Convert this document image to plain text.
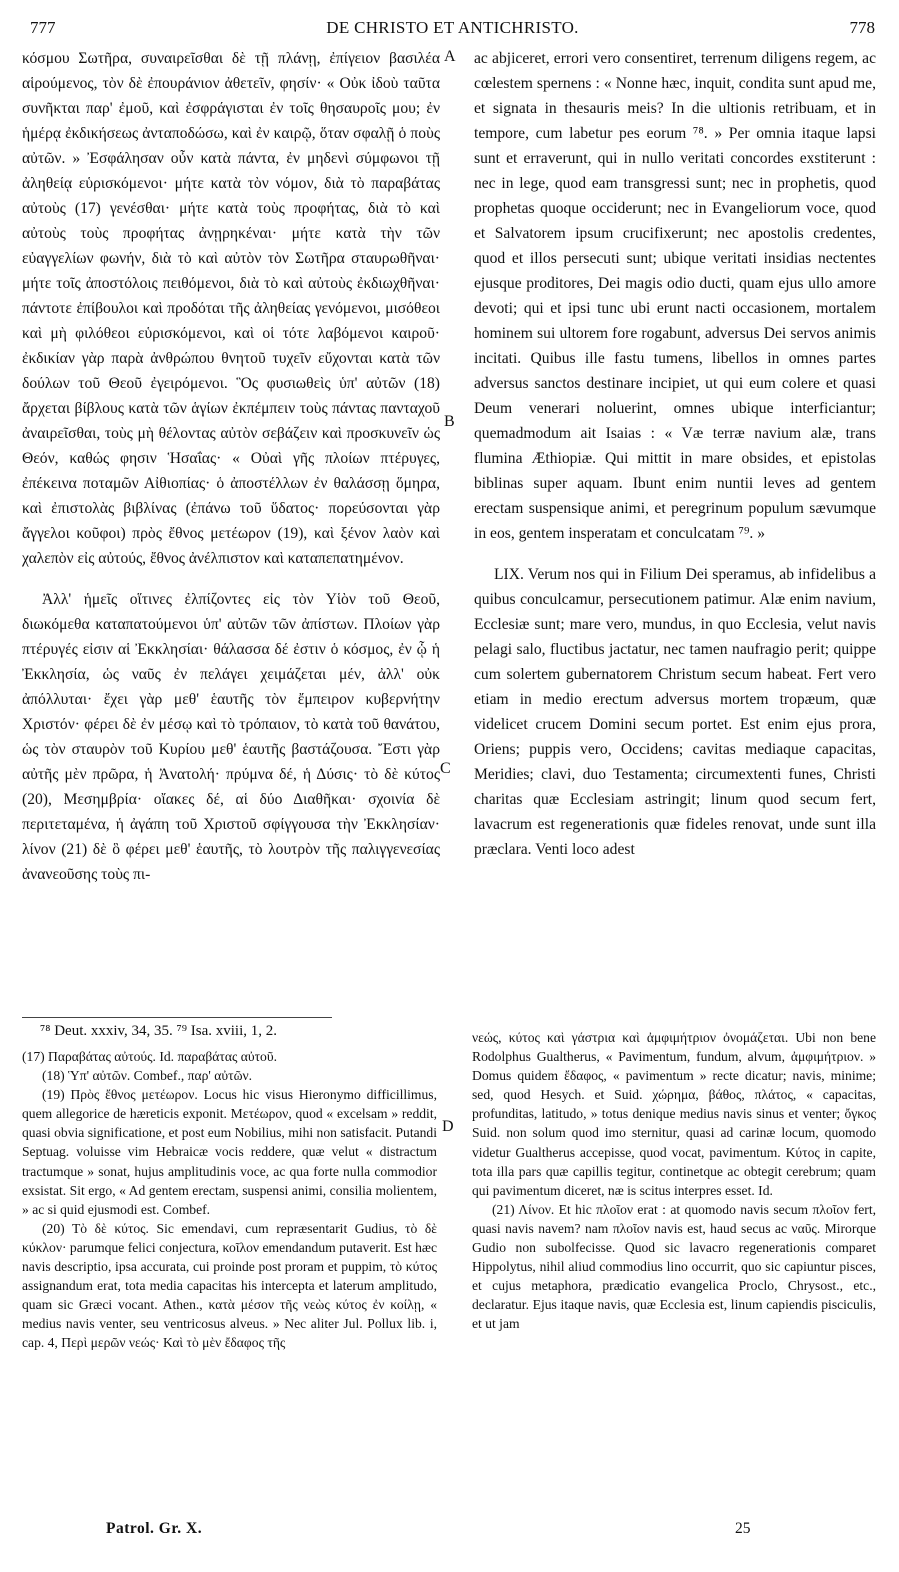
777	DE CHRISTO ET ANTICHRISTO.	778

κόσμου Σωτῆρα, συναιρεῖσθαι δὲ τῇ πλάνῃ, ἐπίγειον βασιλέα αἱρούμενος, τὸν δὲ ἐπουράνιον ἀθετεῖν, φησίν· « Οὐκ ἰδοὺ ταῦτα συνῆκται παρ' ἐμοῦ, καὶ ἐσφράγισται ἐν τοῖς θησαυροῖς μου; ἐν ἡμέρᾳ ἐκδικήσεως ἀνταποδώσω, καὶ ἐν καιρῷ, ὅταν σφαλῇ ὁ ποὺς αὐτῶν. » Ἐσφάλησαν οὖν κατὰ πάντα, ἐν μηδενὶ σύμφωνοι τῇ ἀληθείᾳ εὑρισκόμενοι· μήτε κατὰ τὸν νόμον, διὰ τὸ παραβάτας αὐτοὺς (17) γενέσθαι· μήτε κατὰ τοὺς προφήτας, διὰ τὸ καὶ αὐτοὺς τοὺς προφήτας ἀνῃρηκέναι· μήτε κατὰ τὴν τῶν εὐαγγελίων φωνήν, διὰ τὸ καὶ αὐτὸν τὸν Σωτῆρα σταυρωθῆναι· μήτε τοῖς ἀποστόλοις πειθόμενοι, διὰ τὸ καὶ αὐτοὺς ἐκδιωχθῆναι· πάντοτε ἐπίβουλοι καὶ προδόται τῆς ἀληθείας γενόμενοι, μισόθεοι καὶ μὴ φιλόθεοι εὑρισκόμενοι, καὶ οἱ τότε λαβόμενοι καιροῦ· ἐκδικίαν γὰρ παρὰ ἀνθρώπου θνητοῦ τυχεῖν εὔχονται κατὰ τῶν δούλων τοῦ Θεοῦ ἐγειρόμενοι. Ὃς φυσιωθεὶς ὑπ' αὐτῶν (18) ἄρχεται βίβλους κατὰ τῶν ἁγίων ἐκπέμπειν τοὺς πάντας πανταχοῦ ἀναιρεῖσθαι, τοὺς μὴ θέλοντας αὐτὸν σεβάζειν καὶ προσκυνεῖν ὡς Θεόν, καθώς φησιν Ἡσαΐας· « Οὐαὶ γῆς πλοίων πτέρυγες, ἐπέκεινα ποταμῶν Αἰθιοπίας· ὁ ἀποστέλλων ἐν θαλάσσῃ ὅμηρα, καὶ ἐπιστολὰς βιβλίνας (ἐπάνω τοῦ ὕδατος· πορεύσονται γὰρ ἄγγελοι κοῦφοι) πρὸς ἔθνος μετέωρον (19), καὶ ξένον λαὸν καὶ χαλεπὸν εἰς αὐτούς, ἔθνος ἀνέλπιστον καὶ καταπεπατημένον.

Ἀλλ' ἡμεῖς οἵτινες ἐλπίζοντες εἰς τὸν Υἱὸν τοῦ Θεοῦ, διωκόμεθα καταπατούμενοι ὑπ' αὐτῶν τῶν ἀπίστων. Πλοίων γὰρ πτέρυγές εἰσιν αἱ Ἐκκλησίαι· θάλασσα δέ ἐστιν ὁ κόσμος, ἐν ᾧ ἡ Ἐκκλησία, ὡς ναῦς ἐν πελάγει χειμάζεται μέν, ἀλλ' οὐκ ἀπόλλυται· ἔχει γὰρ μεθ' ἑαυτῆς τὸν ἔμπειρον κυβερνήτην Χριστόν· φέρει δὲ ἐν μέσῳ καὶ τὸ τρόπαιον, τὸ κατὰ τοῦ θανάτου, ὡς τὸν σταυρὸν τοῦ Κυρίου μεθ' ἑαυτῆς βαστάζουσα. Ἔστι γὰρ αὐτῆς μὲν πρῶρα, ἡ Ἀνατολή· πρύμνα δέ, ἡ Δύσις· τὸ δὲ κύτος (20), Μεσημβρία· οἴακες δέ, αἱ δύο Διαθῆκαι· σχοινία δὲ περιτεταμένα, ἡ ἀγάπη τοῦ Χριστοῦ σφίγγουσα τὴν Ἐκκλησίαν· λίνον (21) δὲ ὃ φέρει μεθ' ἑαυτῆς, τὸ λουτρὸν τῆς παλιγγενεσίας ἀνανεοῦσης τοὺς πι-

ac abjiceret, errori vero consentiret, terrenum diligens regem, ac cœlestem spernens : « Nonne hæc, inquit, condita sunt apud me, et signata in thesauris meis? In die ultionis retribuam, et in tempore, cum labetur pes eorum ⁷⁸. » Per omnia itaque lapsi sunt et erraverunt, qui in nullo veritati concordes exstiterunt : nec in lege, quod eam transgressi sunt; nec in prophetis, quod prophetas quoque occiderunt; nec in Evangeliorum voce, quod et Salvatorem ipsum crucifixerunt; nec apostolis credentes, quod et illos persecuti sunt; ubique veritati insidias nectentes ejusque proditores, Dei magis odio ducti, quam ejus ullo amore devoti; qui et ipsi tunc ubi erunt nacti occasionem, mortalem hominem sui ultorem fore rogabunt, adversus Dei servos animis incitati. Quibus ille fastu tumens, libellos in omnes partes adversus sanctos destinare incipiet, ut qui eum colere et quasi Deum venerari noluerint, omnes ubique interficiantur; quemadmodum ait Isaias : « Væ terræ navium alæ, trans flumina Æthiopiæ. Qui mittit in mare obsides, et epistolas biblinas super aquam. Ibunt enim nuntii leves ad gentem erectam suspensique animi, et peregrinum populum sævumque in eos, gentem insperatam et conculcatam ⁷⁹. »

LIX. Verum nos qui in Filium Dei speramus, ab infidelibus a quibus conculcamur, persecutionem patimur. Alæ enim navium, Ecclesiæ sunt; mare vero, mundus, in quo Ecclesia, velut navis pelagi salo, fluctibus jactatur, nec tamen naufragio perit; quippe cum solertem gubernatorem Christum secum habeat. Fert vero etiam in medio erectum adversus mortem tropæum, quæ videlicet crucem Domini secum portet. Est enim ejus prora, Oriens; puppis vero, Occidens; cavitas mediaque capacitas, Meridies; clavi, duo Testamenta; circumextenti funes, Christi charitas quæ Ecclesiam astringit; linum quod secum fert, lavacrum est regenerationis quæ fideles renovat, unde sunt illa præclara. Venti loco adest

A
B
C
D
⁷⁸ Deut. xxxiv, 34, 35. ⁷⁹ Isa. xviii, 1, 2.

(17) Παραβάτας αὐτούς. Id. παραβάτας αὐτοῦ.

(18) Ὑπ' αὐτῶν. Combef., παρ' αὐτῶν.

(19) Πρὸς ἔθνος μετέωρον. Locus hic visus Hieronymo difficillimus, quem allegorice de hæreticis exponit. Μετέωρον, quod « excelsam » reddit, quasi obvia significatione, et post eum Nobilius, mihi non satisfacit. Putandi Septuag. voluisse vim Hebraicæ vocis reddere, quæ velut « distractum tractumque » sonat, hujus amplitudinis voce, ac qua forte nulla commodior exsistat. Sit ergo, « Ad gentem erectam, suspensi animi, consilia molientem, » ac si quid ejusmodi est. Combef.

(20) Τὸ δὲ κύτος. Sic emendavi, cum repræsentarit Gudius, τὸ δὲ κύκλον· parumque felici conjectura, κοῖλον emendandum putaverit. Est hæc navis descriptio, ipsa accurata, cui proinde post proram et puppim, τὸ κύτος assignandum erat, tota media capacitas his intercepta et laterum amplitudo, quam sic Græci vocant. Athen., κατὰ μέσον τῆς νεὼς κύτος ἐν κοίλῃ, « medius navis venter, seu ventricosus alveus. » Nec aliter Jul. Pollux lib. i, cap. 4, Περὶ μερῶν νεώς· Καὶ τὸ μὲν ἔδαφος τῆς

νεώς, κύτος καὶ γάστρια καὶ ἀμφιμήτριον ὀνομάζεται. Ubi non bene Rodolphus Gualtherus, « Pavimentum, fundum, alvum, ἀμφιμήτριον. » Domus quidem ἔδαφος, « pavimentum » recte dicatur; navis, minime; sed, quod Hesych. et Suid. χώρημα, βάθος, πλάτος, « capacitas, profunditas, latitudo, » totus denique medius navis sinus et venter; ὄγκος Suid. non solum quod imo sternitur, quasi ad carinæ locum, quomodo videtur Gualtherus accepisse, quod vocat, pavimentum. Κύτος in capite, tota illa pars quæ capillis tegitur, continetque ac obtegit cerebrum; quam qui pavimentum diceret, næ is scitus interpres esset. Id.

(21) Λίνον. Et hic πλοῖον erat : at quomodo navis secum πλοῖον fert, quasi navis navem? nam πλοῖον navis est, haud secus ac ναῦς. Mirorque Gudio non subolfecisse. Quod sic lavacro regenerationis comparet Hippolytus, nihil aliud commodius lino occurrit, quo sic capiuntur pisces, et cujus metaphora, prædicatio evangelica Proclo, Chrysost., etc., declaratur. Ejus itaque navis, quæ Ecclesia est, linum capiendis pisciculis, et ut jam

Patrol. Gr. X.	25
